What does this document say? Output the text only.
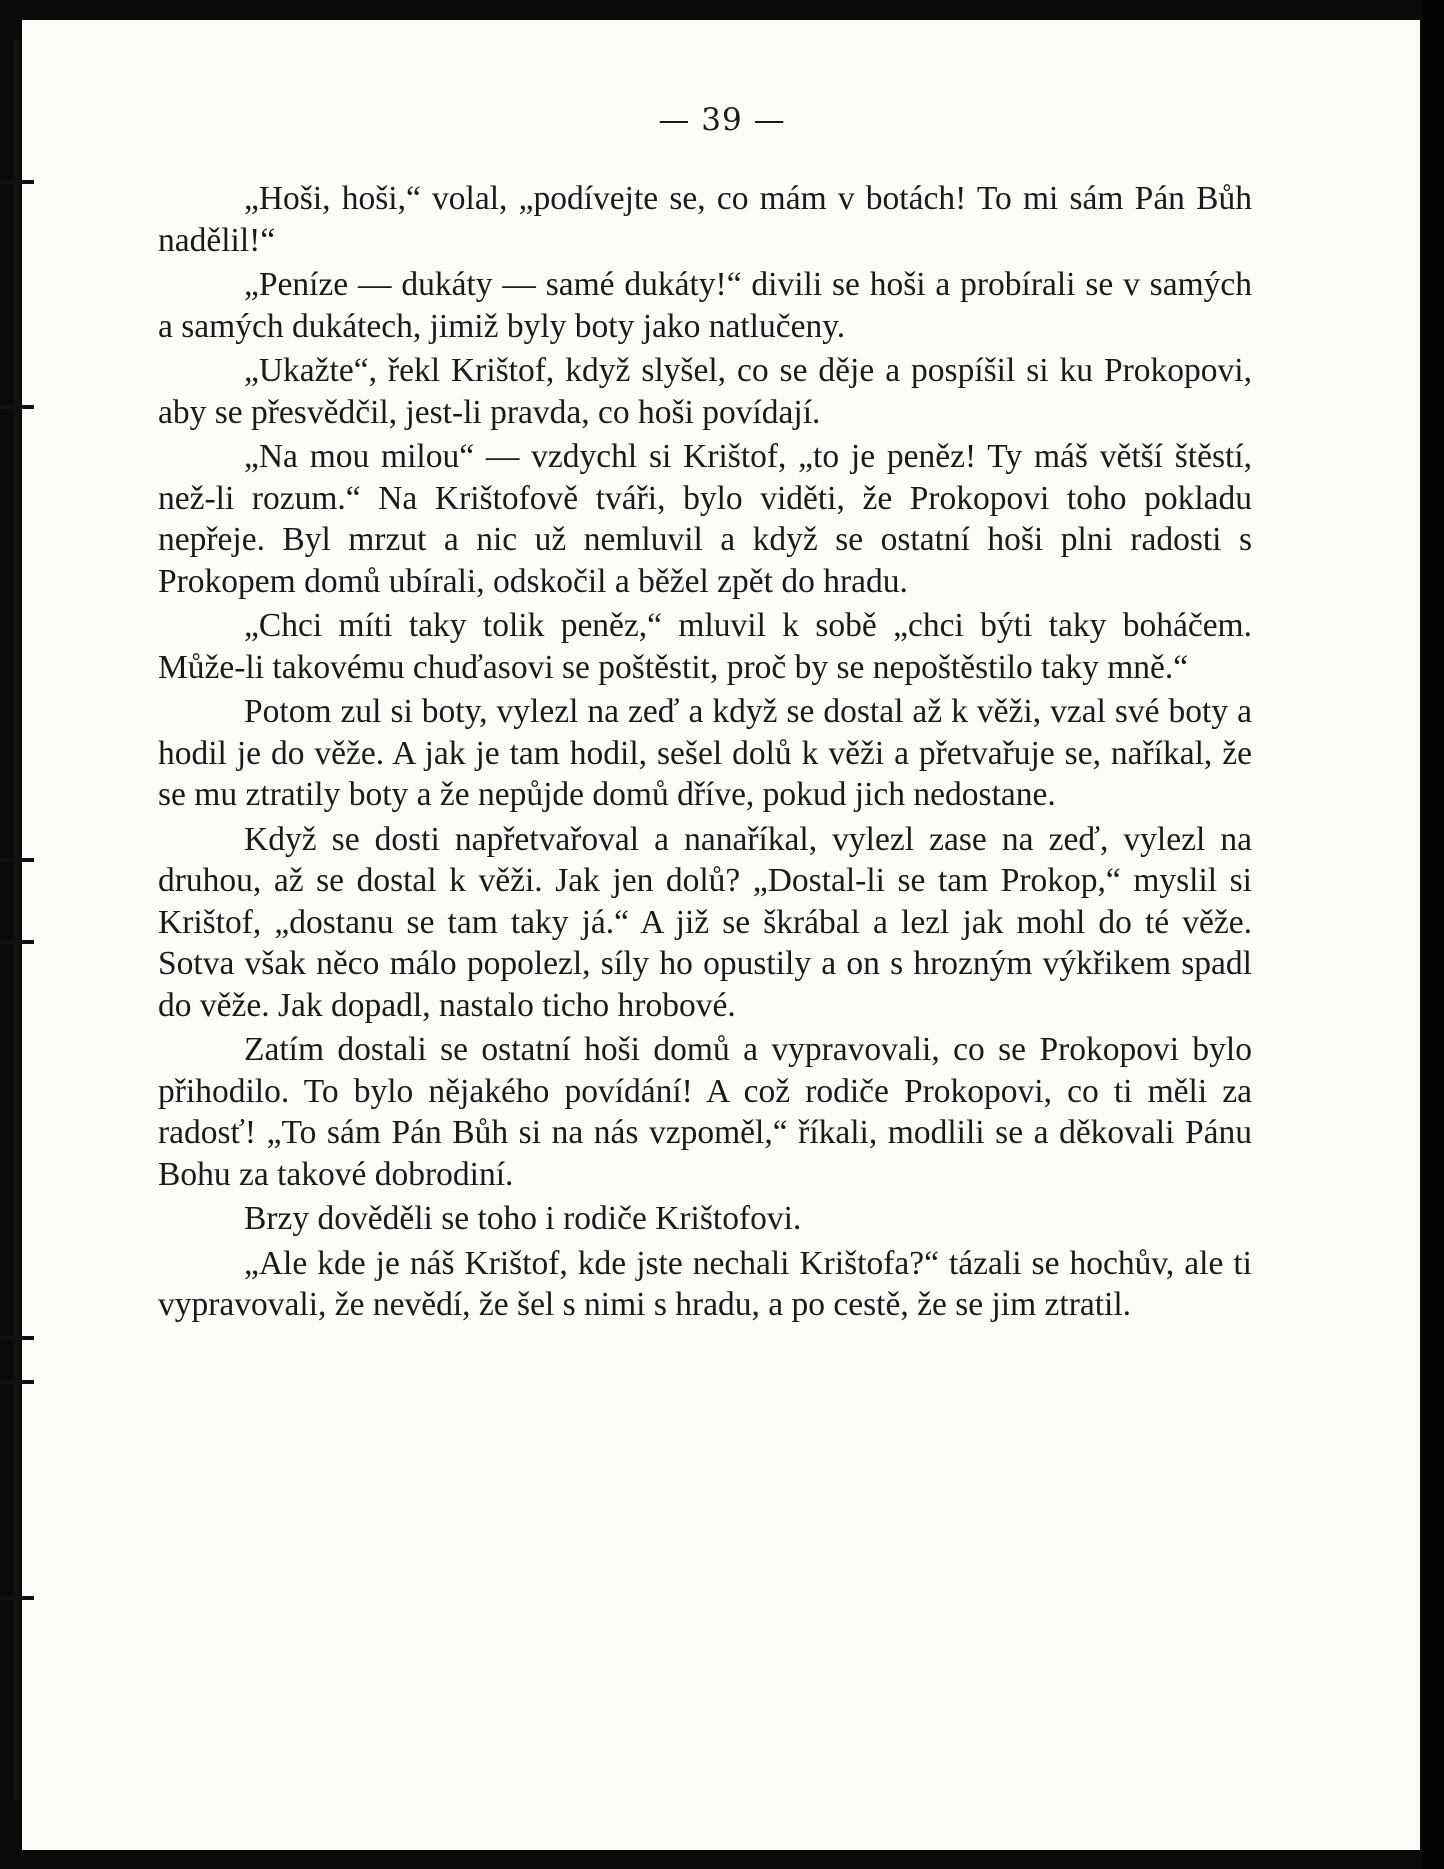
— 39 —

„Hoši, hoši,“ volal, „podívejte se, co mám v botách! To mi sám Pán Bůh nadělil!“

„Peníze — dukáty — samé dukáty!“ divili se hoši a probírali se v samých a samých dukátech, jimiž byly boty jako natlučeny.

„Ukažte“, řekl Krištof, když slyšel, co se děje a pospíšil si ku Prokopovi, aby se přesvědčil, jest-li pravda, co hoši povídají.

„Na mou milou“ — vzdychl si Krištof, „to je peněz! Ty máš větší štěstí, než-li rozum.“ Na Krištofově tváři, bylo viděti, že Prokopovi toho pokladu nepřeje. Byl mrzut a nic už nemluvil a když se ostatní hoši plni radosti s Prokopem domů ubírali, odskočil a běžel zpět do hradu.

„Chci míti taky tolik peněz,“ mluvil k sobě „chci býti taky boháčem. Může-li takovému chuďasovi se poštěstit, proč by se nepoštěstilo taky mně.“

Potom zul si boty, vylezl na zeď a když se dostal až k věži, vzal své boty a hodil je do věže. A jak je tam hodil, sešel dolů k věži a přetvařuje se, naříkal, že se mu ztratily boty a že nepůjde domů dříve, pokud jich nedostane.

Když se dosti napřetvařoval a nanaříkal, vylezl zase na zeď, vylezl na druhou, až se dostal k věži. Jak jen dolů? „Dostal-li se tam Prokop,“ myslil si Krištof, „dostanu se tam taky já.“ A již se škrábal a lezl jak mohl do té věže. Sotva však něco málo popolezl, síly ho opustily a on s hrozným výkřikem spadl do věže. Jak dopadl, nastalo ticho hrobové.

Zatím dostali se ostatní hoši domů a vypravovali, co se Prokopovi bylo přihodilo. To bylo nějakého povídání! A což rodiče Prokopovi, co ti měli za radosť! „To sám Pán Bůh si na nás vzpoměl,“ říkali, modlili se a děkovali Pánu Bohu za takové dobrodiní.

Brzy dověděli se toho i rodiče Krištofovi.

„Ale kde je náš Krištof, kde jste nechali Krištofa?“ tázali se hochův, ale ti vypravovali, že nevědí, že šel s nimi s hradu, a po cestě, že se jim ztratil.
